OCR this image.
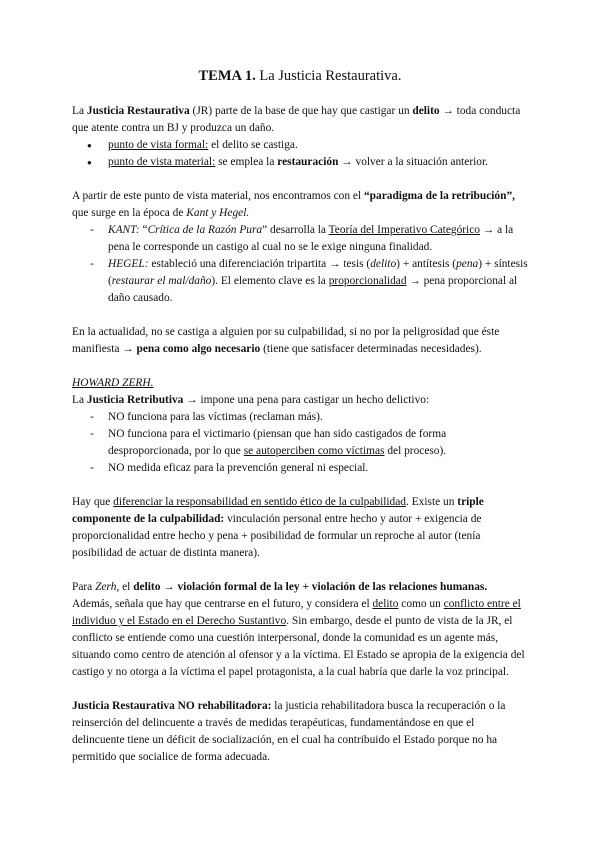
TEMA 1. La Justicia Restaurativa.

La Justicia Restaurativa (JR) parte de la base de que hay que castigar un delito → toda conducta que atente contra un BJ y produzca un daño.

● punto de vista formal: el delito se castiga.
● punto de vista material: se emplea la restauración → volver a la situación anterior.

A partir de este punto de vista material, nos encontramos con el “paradigma de la retribución”, que surge en la época de Kant y Hegel.

- KANT: “Crítica de la Razón Pura” desarrolla la Teoría del Imperativo Categórico → a la pena le corresponde un castigo al cual no se le exige ninguna finalidad.
- HEGEL: estableció una diferenciación tripartita → tesis (delito) + antítesis (pena) + síntesis (restaurar el mal/daño). El elemento clave es la proporcionalidad → pena proporcional al daño causado.

En la actualidad, no se castiga a alguien por su culpabilidad, si no por la peligrosidad que éste manifiesta → pena como algo necesario (tiene que satisfacer determinadas necesidades).

HOWARD ZERH.

La Justicia Retributiva → impone una pena para castigar un hecho delictivo:

- NO funciona para las víctimas (reclaman más).
- NO funciona para el victimario (piensan que han sido castigados de forma desproporcionada, por lo que se autoperciben como víctimas del proceso).
- NO medida eficaz para la prevención general ni especial.

Hay que diferenciar la responsabilidad en sentido ético de la culpabilidad. Existe un triple componente de la culpabilidad: vinculación personal entre hecho y autor + exigencia de proporcionalidad entre hecho y pena + posibilidad de formular un reproche al autor (tenía posibilidad de actuar de distinta manera).

Para Zerh, el delito → violación formal de la ley + violación de las relaciones humanas. Además, señala que hay que centrarse en el futuro, y considera el delito como un conflicto entre el individuo y el Estado en el Derecho Sustantivo. Sin embargo, desde el punto de vista de la JR, el conflicto se entiende como una cuestión interpersonal, donde la comunidad es un agente más, situando como centro de atención al ofensor y a la víctima. El Estado se apropia de la exigencia del castigo y no otorga a la víctima el papel protagonista, a la cual habría que darle la voz principal.

Justicia Restaurativa NO rehabilitadora: la justicia rehabilitadora busca la recuperación o la reinserción del delincuente a través de medidas terapéuticas, fundamentándose en que el delincuente tiene un déficit de socialización, en el cual ha contribuido el Estado porque no ha permitido que socialice de forma adecuada.
